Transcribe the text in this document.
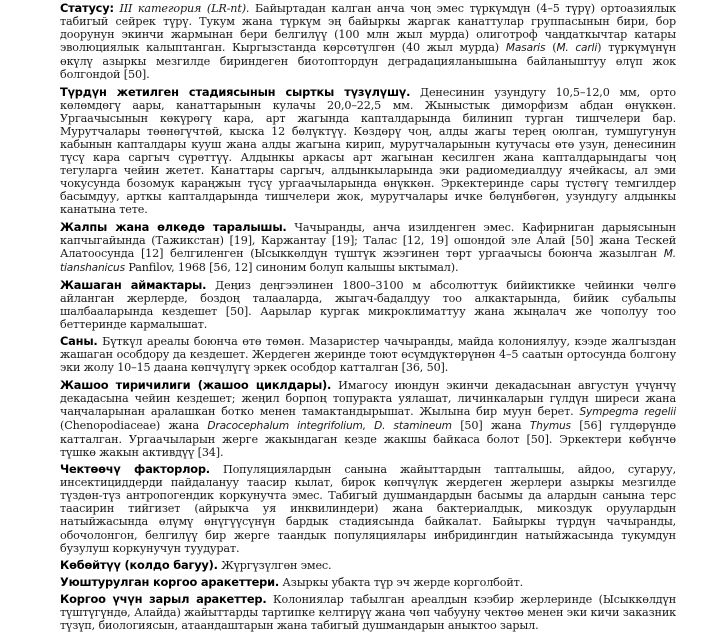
Статусу: III категория (LR-nt). Байыртадан калган анча чоң эмес түркүмдүн (4–5 түрү) ортоазиялык табигый сейрек түрү. Тукум жана түркүм эң байыркы жаргак канаттулар группасынын бири, бор доорунун экинчи жармынан бери белгилүү (100 млн жыл мурда) олиготроф чаңдаткычтар катары эволюциялык калыптанган. Кыргызстанда көрсөтүлгөн (40 жыл мурда) Masaris (M. carli) түркүмүнүн өкүлү азыркы мезгилде бириндеген биотоптордун деградацияланышына байланыштуу өлүп жок болгондой [50].

Түрдүн жетилген стадиясынын сырткы түзүлүшү. Денесинин узундугу 10,5–12,0 мм, орто көлөмдөгү аары, канаттарынын кулачы 20,0–22,5 мм. Жыныстык диморфизм абдан өнүккөн. Ургаачысынын көкүрөгү кара, арт жагында капталдарында билинип турган тишчелери бар. Мурутчалары төөнөгүчтөй, кыска 12 бөлүктүү. Көздөрү чоң, алды жагы терең оюлган, тумшугунун кабынын капталдары кууш жана алды жагына кирип, мурутчаларынын кутучасы өтө узун, денесинин түсү кара саргыч сүрөттүү. Алдынкы аркасы арт жагынан кесилген жана капталдарындагы чоң тегуларга чейин жетет. Канаттары саргыч, алдынкыларында эки радиомедиалдуу ячейкасы, ал эми чокусунда бозомук караңжын түсү ургаачыларында өнүккөн. Эркектеринде сары түстөгү темгилдер басымдуу, арткы капталдарында тишчелери жок, мурутчалары ичке бөлүнбөгөн, узундугу алдынкы канатына тете.

Жалпы жана өлкөдө таралышы. Чачыранды, анча изилденген эмес. Кафирниган дарыясынын капчыгайында (Тажикстан) [19], Каржантау [19]; Талас [12, 19] ошондой эле Алай [50] жана Тескей Алатоосунда [12] белгиленген (Ысыккөлдүн түштүк жээгинен төрт ургаачысы боюнча жазылган M. tianshanicus Panfilov, 1968 [56, 12] синоним болуп калышы ыктымал).

Жашаган аймактары. Деңиз деңгээлинен 1800–3100 м абсолюттук бийиктикке чейинки чөлгө айланган жерлерде, боздоң талааларда, жыгач-бадалдуу тоо алкактарында, бийик субальпы шалбааларында кездешет [50]. Аарылар кургак микроклиматтуу жана жыңалач же чополуу тоо беттеринде кармалышат.

Саны. Бүткүл ареалы боюнча өтө төмөн. Мазаристер чачыранды, майда колониялуу, кээде жалгыздан жашаган особдору да кездешет. Жердеген жеринде тоют өсүмдүктөрүнөн 4–5 саатын ортосунда болгону эки жолу 10–15 даана көпчүлүгү эркек особдор катталган [36, 50].

Жашоо тиричилиги (жашоо циклдары). Имагосу июндун экинчи декадасынан августун үчүнчү декадасына чейин кездешет; жеңил борпоң топуракта уялашат, личинкаларын гүлдүн ширеси жана чаңчаларынан аралашкан ботко менен тамактандырышат. Жылына бир муун берет. Sympegma regelii (Chenopodiaceae) жана Dracocephalum integrifolium, D. stamineum [50] жана Thymus [56] гүлдөрүндө катталган. Ургаачыларын жерге жакындаган кезде жакшы байкаса болот [50]. Эркектери көбүнчө түшкө жакын активдүү [34].

Чектөөчү факторлор. Популяциялардын санына жайыттардын тапталышы, айдоо, сугаруу, инсектициддерди пайдалануу таасир кылат, бирок көпчүлүк жердеген жерлери азыркы мезгилде түздөн-түз антропогендик коркунучта эмес. Табигый душмандардын басымы да алардын санына терс таасирин тийгизет (айрыкча уя инквилиндери) жана бактериалдык, микоздук оруулардын натыйжасында өлүмү өнүгүүсүнүн бардык стадиясында байкалат. Байыркы түрдүн чачыранды, обочолонгон, белгилүү бир жерге таандык популяциялары инбридингдин натыйжасында тукумдун бузулуш коркунучун туудурат.

Көбөйтүү (колдо багуу). Жүргүзүлгөн эмес.

Уюштурулган коргоо аракеттери. Азыркы убакта түр эч жерде корголбойт.

Коргоо үчүн зарыл аракеттер. Колониялар табылган ареалдын кээбир жерлеринде (Ысыккөлдүн түштүгүндө, Алайда) жайыттарды тартипке келтирүү жана чөп чабууну чектөө менен эки кичи заказник түзүп, биологиясын, атаандаштарын жана табигый душмандарын аныктоо зарыл.
